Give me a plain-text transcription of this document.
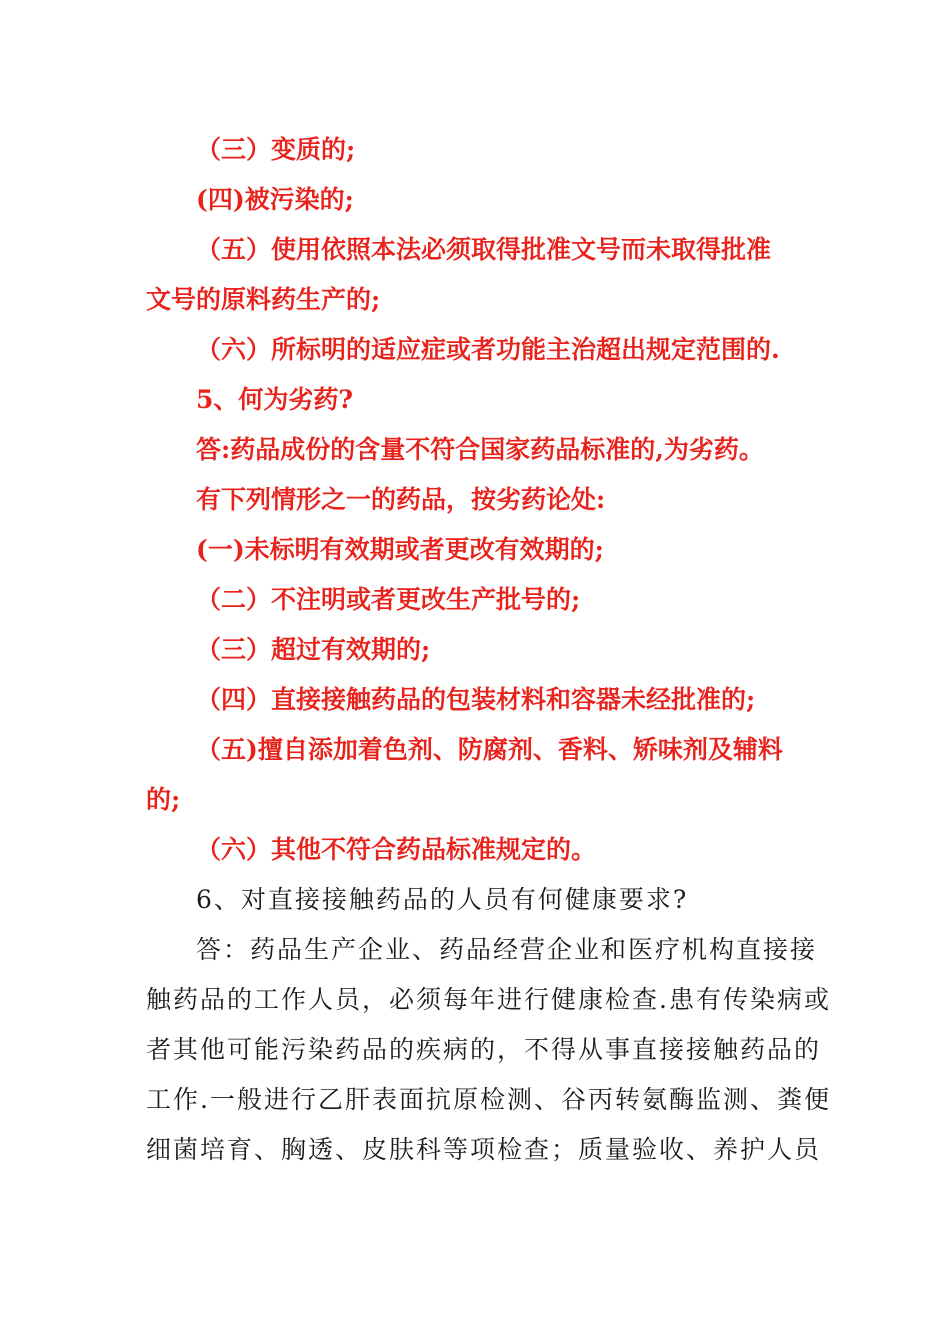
（三）变质的;
(四)被污染的;
（五）使用依照本法必须取得批准文号而未取得批准
文号的原料药生产的;
（六）所标明的适应症或者功能主治超出规定范围的.
5、何为劣药?
答:药品成份的含量不符合国家药品标准的,为劣药。
有下列情形之一的药品，按劣药论处:
(一)未标明有效期或者更改有效期的;
（二）不注明或者更改生产批号的;
（三）超过有效期的;
（四）直接接触药品的包装材料和容器未经批准的;
（五)擅自添加着色剂、防腐剂、香料、矫味剂及辅料
的;
（六）其他不符合药品标准规定的。
6、对直接接触药品的人员有何健康要求?
答：药品生产企业、药品经营企业和医疗机构直接接
触药品的工作人员，必须每年进行健康检查.患有传染病或
者其他可能污染药品的疾病的，不得从事直接接触药品的
工作.一般进行乙肝表面抗原检测、谷丙转氨酶监测、粪便
细菌培育、胸透、皮肤科等项检查；质量验收、养护人员
